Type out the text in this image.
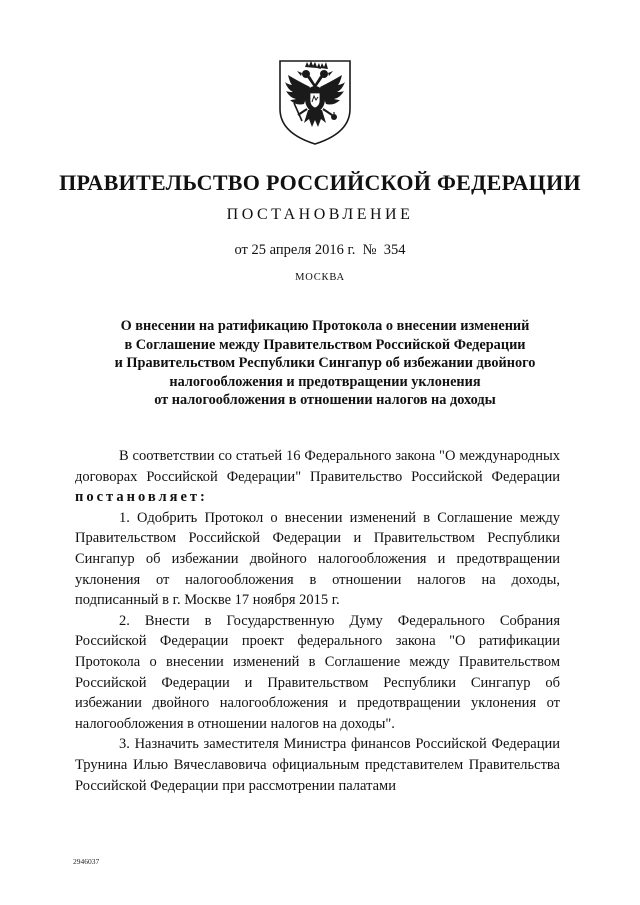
ПРАВИТЕЛЬСТВО РОССИЙСКОЙ ФЕДЕРАЦИИ

ПОСТАНОВЛЕНИЕ

от 25 апреля 2016 г.  №  354

МОСКВА

О внесении на ратификацию Протокола о внесении изменений
в Соглашение между Правительством Российской Федерации
и Правительством Республики Сингапур об избежании двойного
налогообложения и предотвращении уклонения
от налогообложения в отношении налогов на доходы

В соответствии со статьей 16 Федерального закона "О международных договорах Российской Федерации" Правительство Российской Федерации постановляет:

1. Одобрить Протокол о внесении изменений в Соглашение между Правительством Российской Федерации и Правительством Республики Сингапур об избежании двойного налогообложения и предотвращении уклонения от налогообложения в отношении налогов на доходы, подписанный в г. Москве 17 ноября 2015 г.

2. Внести в Государственную Думу Федерального Собрания Российской Федерации проект федерального закона "О ратификации Протокола о внесении изменений в Соглашение между Правительством Российской Федерации и Правительством Республики Сингапур об избежании двойного налогообложения и предотвращении уклонения от налогообложения в отношении налогов на доходы".

3. Назначить заместителя Министра финансов Российской Федерации Трунина Илью Вячеславовича официальным представителем Правительства Российской Федерации при рассмотрении палатами

2946037
